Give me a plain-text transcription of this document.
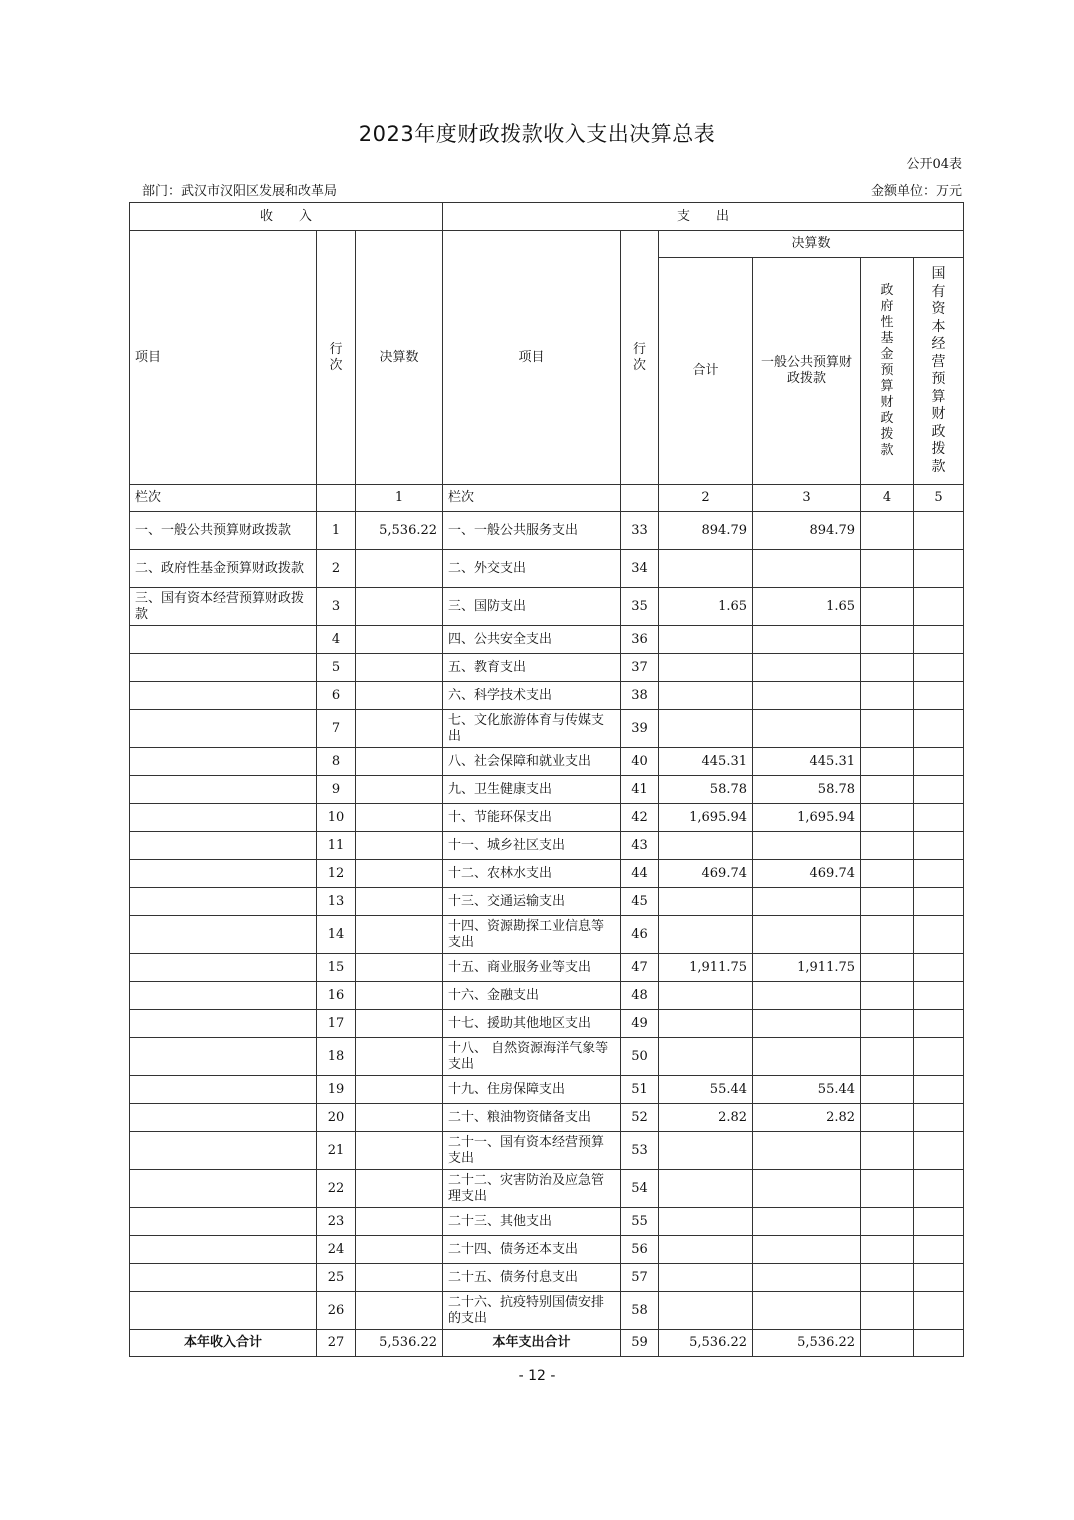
2023年度财政拨款收入支出决算总表
公开04表
部门：武汉市汉阳区发展和改革局	金额单位：万元
收　　入			支　　出					
项目	行次	决算数	项目	行次	决算数			
					合计	一般公共预算财政拨款	政府性基金预算财政拨款	国有资本经营预算财政拨款
栏次		1	栏次		2	3	4	5
一、一般公共预算财政拨款	1	5,536.22	一、一般公共服务支出	33	894.79	894.79		
二、政府性基金预算财政拨款	2		二、外交支出	34				
三、国有资本经营预算财政拨款	3		三、国防支出	35	1.65	1.65		
	4		四、公共安全支出	36				
	5		五、教育支出	37				
	6		六、科学技术支出	38				
	7		七、文化旅游体育与传媒支出	39				
	8		八、社会保障和就业支出	40	445.31	445.31		
	9		九、卫生健康支出	41	58.78	58.78		
	10		十、节能环保支出	42	1,695.94	1,695.94		
	11		十一、城乡社区支出	43				
	12		十二、农林水支出	44	469.74	469.74		
	13		十三、交通运输支出	45				
	14		十四、资源勘探工业信息等支出	46				
	15		十五、商业服务业等支出	47	1,911.75	1,911.75		
	16		十六、金融支出	48				
	17		十七、援助其他地区支出	49				
	18		十八、 自然资源海洋气象等支出	50				
	19		十九、住房保障支出	51	55.44	55.44		
	20		二十、粮油物资储备支出	52	2.82	2.82		
	21		二十一、国有资本经营预算支出	53				
	22		二十二、灾害防治及应急管理支出	54				
	23		二十三、其他支出	55				
	24		二十四、债务还本支出	56				
	25		二十五、债务付息支出	57				
	26		二十六、抗疫特别国债安排的支出	58				
本年收入合计	27	5,536.22	本年支出合计	59	5,536.22	5,536.22		
- 12 -
